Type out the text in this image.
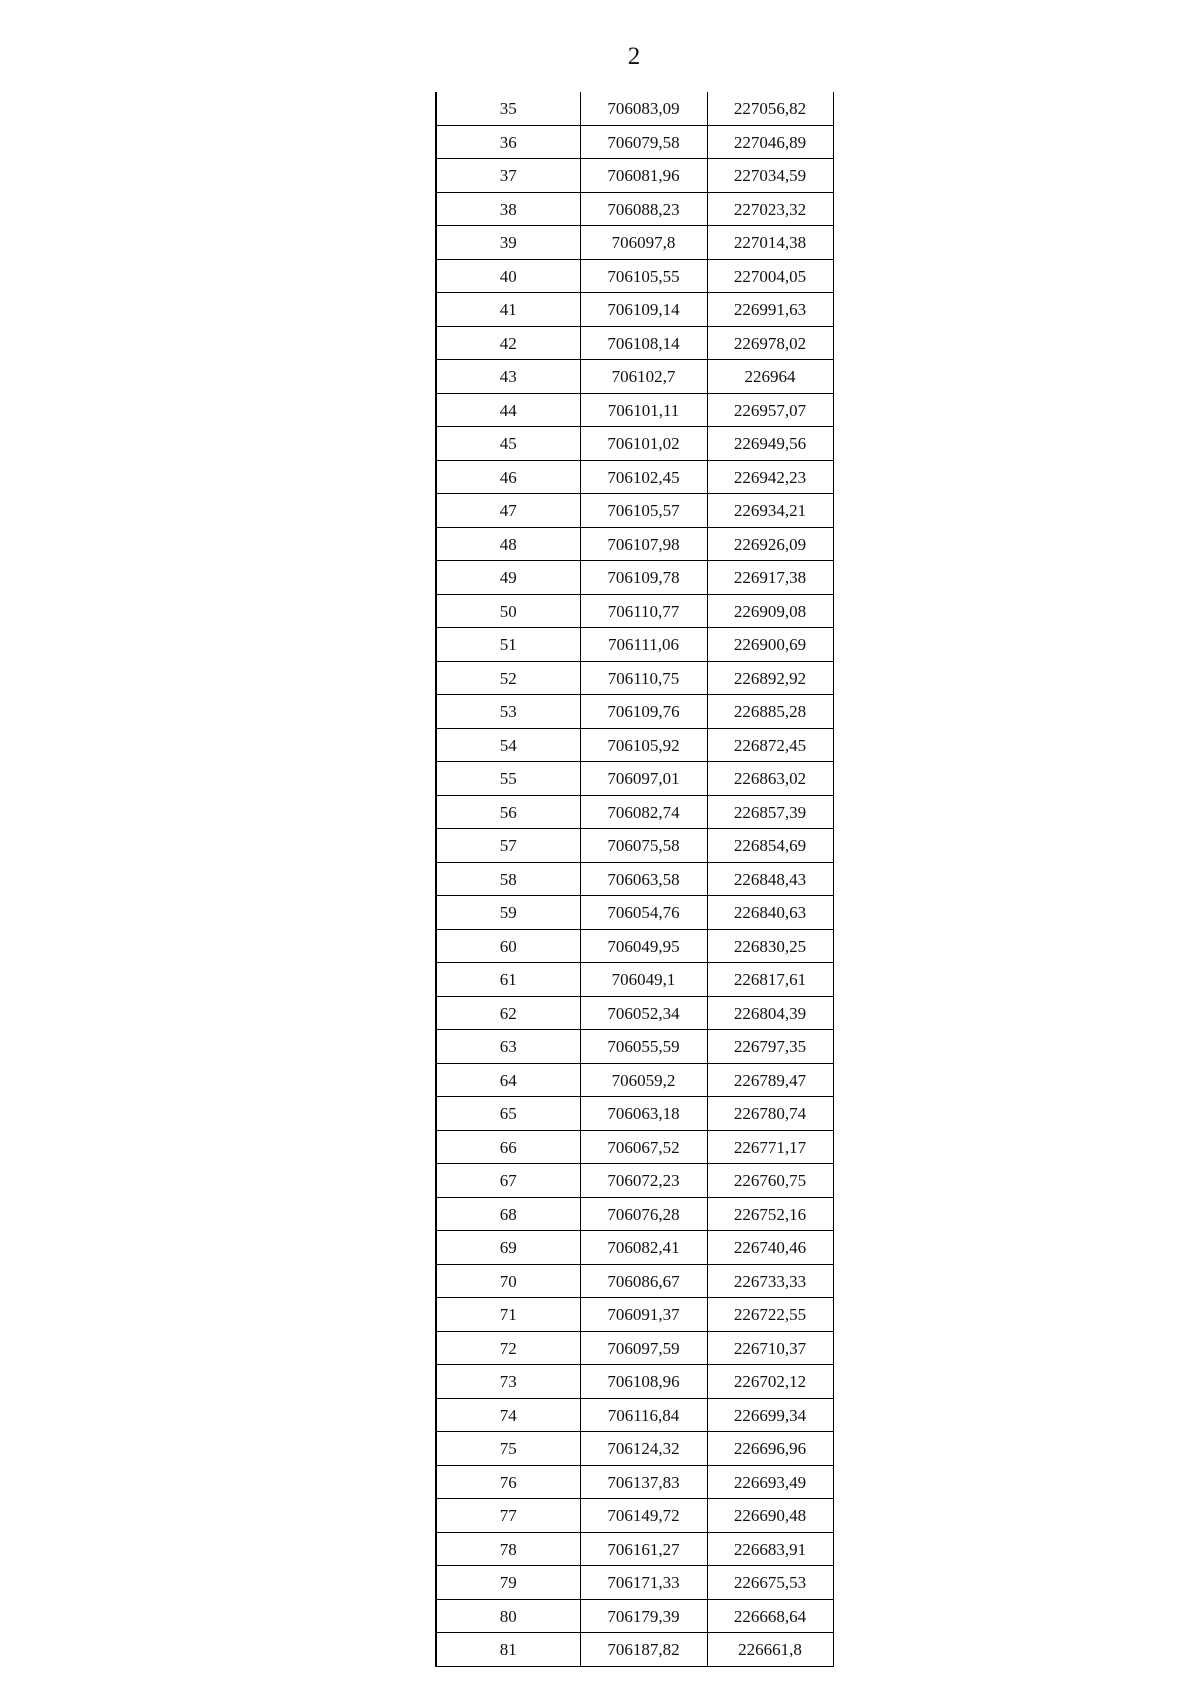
2
35	706083,09	227056,82
36	706079,58	227046,89
37	706081,96	227034,59
38	706088,23	227023,32
39	706097,8	227014,38
40	706105,55	227004,05
41	706109,14	226991,63
42	706108,14	226978,02
43	706102,7	226964
44	706101,11	226957,07
45	706101,02	226949,56
46	706102,45	226942,23
47	706105,57	226934,21
48	706107,98	226926,09
49	706109,78	226917,38
50	706110,77	226909,08
51	706111,06	226900,69
52	706110,75	226892,92
53	706109,76	226885,28
54	706105,92	226872,45
55	706097,01	226863,02
56	706082,74	226857,39
57	706075,58	226854,69
58	706063,58	226848,43
59	706054,76	226840,63
60	706049,95	226830,25
61	706049,1	226817,61
62	706052,34	226804,39
63	706055,59	226797,35
64	706059,2	226789,47
65	706063,18	226780,74
66	706067,52	226771,17
67	706072,23	226760,75
68	706076,28	226752,16
69	706082,41	226740,46
70	706086,67	226733,33
71	706091,37	226722,55
72	706097,59	226710,37
73	706108,96	226702,12
74	706116,84	226699,34
75	706124,32	226696,96
76	706137,83	226693,49
77	706149,72	226690,48
78	706161,27	226683,91
79	706171,33	226675,53
80	706179,39	226668,64
81	706187,82	226661,8
